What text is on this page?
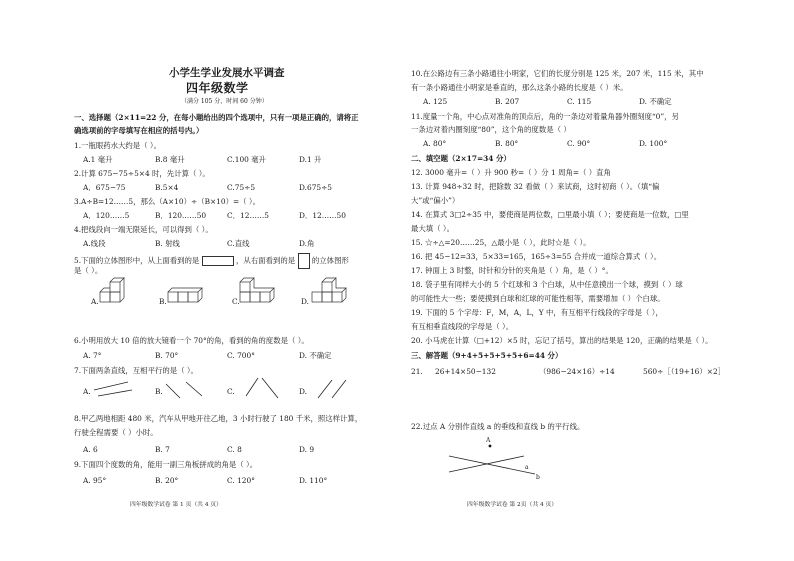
小学生学业发展水平调查
四年级数学
（满分 105 分，时间 60 分钟）
一、选择题（2×11=22 分，在每小题给出的四个选项中，只有一项是正确的，请将正
确选项前的字母填写在相应的括号内。）
1.一瓶眼药水大约是（ ）。
A.1 毫升	B.8 毫升	C.100 毫升	D.1 升
2.计算 675−75÷5×4 时，先计算（ ）。
A．675−75	B.5×4	C.75÷5	D.675÷5
3.A÷B=12……5，那么（A×10）÷（B×10）=（ ）。
A．120……5	B．120……50	C．12……5	D．12……50
4.把线段向一端无限延长，可以得到（ ）。
A.线段	B. 射线	C.直线	D.角
5.下面的立体图形中，从上面看到的是	，从右面看到的是 的立体图形
是（ ）。
A.	B.	C.	D.
6.小明用放大 10 倍的放大镜看一个 70°的角，看到的角的度数是（ ）。
A. 7°	B. 70°	C. 700°	D. 不确定
7.下面两条直线，互相平行的是（ ）。
A.	B.	C.	D.
8.甲乙两地相距 480 米，汽车从甲地开往乙地，3 小时行驶了 180 千米，照这样计算，
行驶全程需要（ ）小时。
A. 6	B. 7	C. 8	D. 9
9.下面四个度数的角，能用一副三角板拼成的角是（ ）。
A. 95°	B. 20°	C. 120°	D. 110°
四年级数学试卷 第 1 页（共 4 页）
10.在公路边有三条小路通往小明家，它们的长度分别是 125 米，207 米，115 米，其中
有一条小路通往小明家是垂直的，那么这条小路的长度是（ ）米。
A. 125	B. 207	C. 115	D. 不确定
11.度量一个角，中心点对准角的顶点后，角的一条边对着量角器外圈刻度“0”，另
一条边对着内圈刻度“80”，这个角的度数是（ ）
A. 80°	B. 80°	C. 90°	D. 100°
二、填空题（2×17=34 分）
12. 3000 毫升=（ ）升 900 秒=（ ）分 1 周角=（ ）直角
13. 计算 948÷32 时，把除数 32 看做（ ）来试商，这时初商（ ）。（填“偏
大”或“偏小”）
14. 在算式 3□2÷35 中，要使商是两位数，□里最小填（ ）；要使商是一位数，□里
最大填（ ）。
15. ☆÷△=20……25，△最小是（ ），此时☆是（ ）。
16. 把 45−12=33，5×33=165，165÷3=55 合并成一道综合算式（ ）。
17. 钟面上 3 时整，时针和分针的夹角是（ ）角，是（ ）°。
18. 袋子里有同样大小的 5 个红球和 3 个白球，从中任意摸出一个球，摸到（ ）球
的可能性大一些；要使摸到白球和红球的可能性相等，需要增加（ ）个白球。
19. 下面的 5 个字母：F，M，A，L，Y 中，有互相平行线段的字母是（ ），
有互相垂直线段的字母是（ ）。
20. 小马虎在计算（□+12）×5 时，忘记了括号，算出的结果是 120，正确的结果是（ ）。
三、解答题（9+4+5+5+5+5+6=44 分）
21. 26+14×50−132	（986−24×16）÷14	560÷［（19+16）×2］
22.过点 A 分别作直线 a 的垂线和直线 b 的平行线。
A
a
b
四年级数学试卷 第 2页（共 4 页）
